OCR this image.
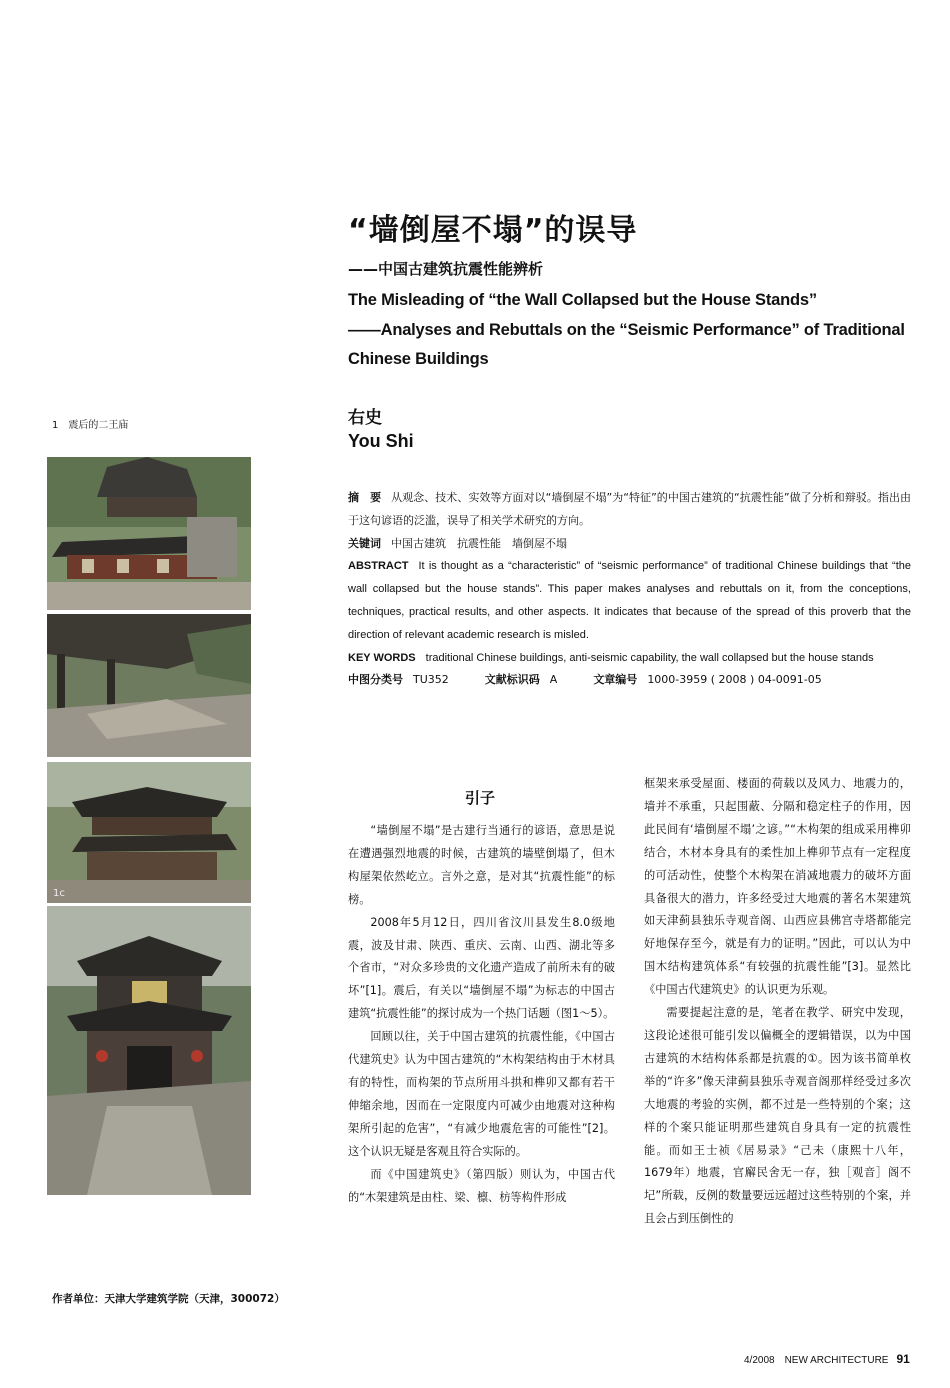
“墙倒屋不塌”的误导
——中国古建筑抗震性能辨析
The Misleading of “the Wall Collapsed but the House Stands”
——Analyses and Rebuttals on the “Seismic Performance” of Traditional
Chinese Buildings
右史
You Shi
1　震后的二王庙
1c

摘　要 从观念、技术、实效等方面对以“墙倒屋不塌”为“特征”的中国古建筑的“抗震性能”做了分析和辩驳。指出由于这句谚语的泛滥，误导了相关学术研究的方向。

关键词 中国古建筑　抗震性能　墙倒屋不塌

ABSTRACT It is thought as a “characteristic” of “seismic performance” of traditional Chinese buildings that “the wall collapsed but the house stands”. This paper makes analyses and rebuttals on it, from the conceptions, techniques, practical results, and other aspects. It indicates that because of the spread of this proverb that the direction of relevant academic research is misled.

KEY WORDS traditional Chinese buildings, anti-seismic capability, the wall collapsed but the house stands

中图分类号 TU352	文献标识码 A	文章编号 1000-3959 ( 2008 ) 04-0091-05
引子

“墙倒屋不塌”是古建行当通行的谚语，意思是说在遭遇强烈地震的时候，古建筑的墙壁倒塌了，但木构屋架依然屹立。言外之意，是对其“抗震性能”的标榜。

2008年5月12日，四川省汶川县发生8.0级地震，波及甘肃、陕西、重庆、云南、山西、湖北等多个省市，“对众多珍贵的文化遗产造成了前所未有的破坏”[1]。震后，有关以“墙倒屋不塌”为标志的中国古建筑“抗震性能”的探讨成为一个热门话题（图1～5）。

回顾以往，关于中国古建筑的抗震性能，《中国古代建筑史》认为中国古建筑的“木构架结构由于木材具有的特性，而构架的节点所用斗拱和榫卯又都有若干伸缩余地，因而在一定限度内可减少由地震对这种构架所引起的危害”，“有减少地震危害的可能性”[2]。这个认识无疑是客观且符合实际的。

而《中国建筑史》（第四版）则认为，中国古代的“木架建筑是由柱、梁、檩、枋等构件形成

框架来承受屋面、楼面的荷载以及风力、地震力的，墙并不承重，只起围蔽、分隔和稳定柱子的作用，因此民间有‘墙倒屋不塌’之谚。”“木构架的组成采用榫卯结合，木材本身具有的柔性加上榫卯节点有一定程度的可活动性，使整个木构架在消减地震力的破坏方面具备很大的潜力，许多经受过大地震的著名木架建筑如天津蓟县独乐寺观音阁、山西应县佛宫寺塔都能完好地保存至今，就是有力的证明。”因此，可以认为中国木结构建筑体系“有较强的抗震性能”[3]。显然比《中国古代建筑史》的认识更为乐观。

需要提起注意的是，笔者在教学、研究中发现，这段论述很可能引发以偏概全的逻辑错误，以为中国古建筑的木结构体系都是抗震的①。因为该书简单枚举的“许多”像天津蓟县独乐寺观音阁那样经受过多次大地震的考验的实例，都不过是一些特别的个案；这样的个案只能证明那些建筑自身具有一定的抗震性能。而如王士祯《居易录》“己未（康熙十八年，1679年）地震，官廨民舍无一存，独［观音］阁不圮”所载，反例的数量要远远超过这些特别的个案，并且会占到压倒性的

作者单位：天津大学建筑学院（天津，300072）
4/2008　NEW ARCHITECTURE 91
